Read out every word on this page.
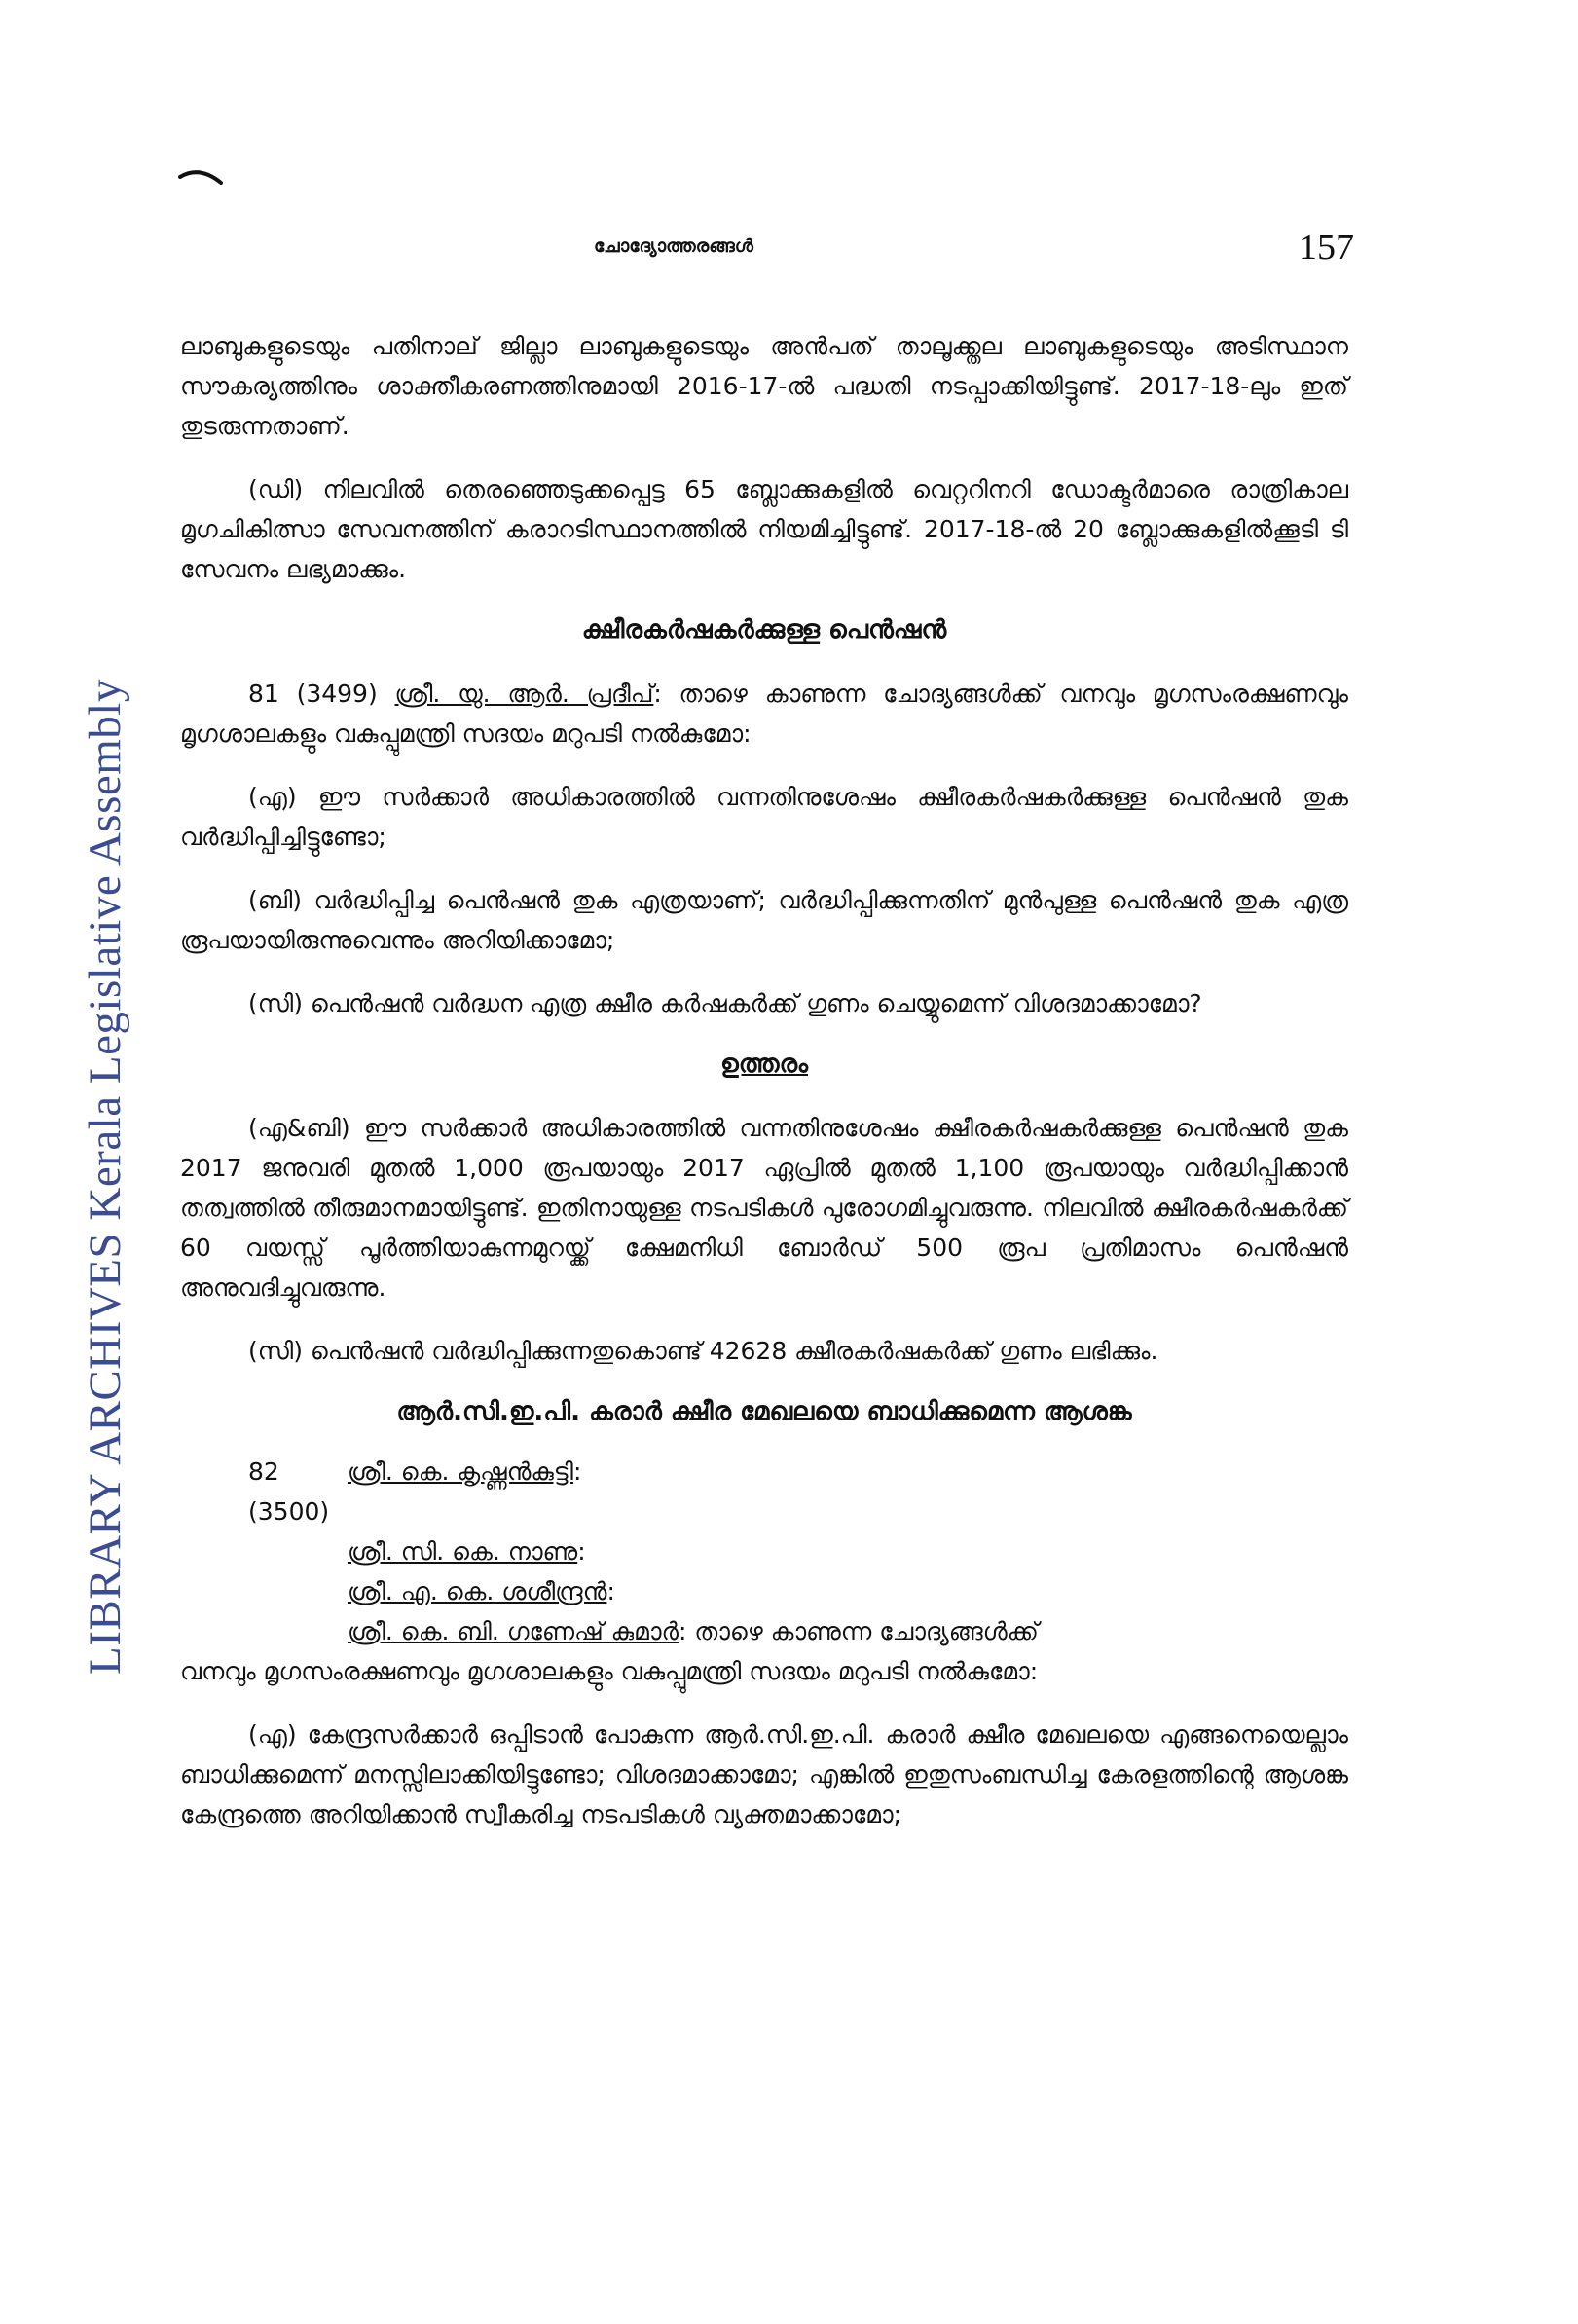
LIBRARY ARCHIVES Kerala Legislative Assembly
ചോദ്യോത്തരങ്ങൾ	157

ലാബുകളുടെയും പതിനാല് ജില്ലാ ലാബുകളുടെയും അൻപത് താലൂക്ക്തല ലാബുകളുടെയും അടിസ്ഥാന സൗകര്യത്തിനും ശാക്തീകരണത്തിനുമായി 2016-17-ൽ പദ്ധതി നടപ്പാക്കിയിട്ടുണ്ട്. 2017-18-ലും ഇത് തുടരുന്നതാണ്.

(ഡി) നിലവിൽ തെരഞ്ഞെടുക്കപ്പെട്ട 65 ബ്ലോക്കുകളിൽ വെറ്ററിനറി ഡോക്ടർമാരെ രാത്രികാല മൃഗചികിത്സാ സേവനത്തിന് കരാറടിസ്ഥാനത്തിൽ നിയമിച്ചിട്ടുണ്ട്. 2017-18-ൽ 20 ബ്ലോക്കുകളിൽക്കൂടി ടി സേവനം ലഭ്യമാക്കും.

ക്ഷീരകർഷകർക്കുള്ള പെൻഷൻ

81 (3499) ശ്രീ. യു. ആർ. പ്രദീപ്: താഴെ കാണുന്ന ചോദ്യങ്ങൾക്ക് വനവും മൃഗസംരക്ഷണവും മൃഗശാലകളും വകുപ്പുമന്ത്രി സദയം മറുപടി നൽകുമോ:

(എ) ഈ സർക്കാർ അധികാരത്തിൽ വന്നതിനുശേഷം ക്ഷീരകർഷകർക്കുള്ള പെൻഷൻ തുക വർദ്ധിപ്പിച്ചിട്ടുണ്ടോ;

(ബി) വർദ്ധിപ്പിച്ച പെൻഷൻ തുക എത്രയാണ്; വർദ്ധിപ്പിക്കുന്നതിന് മുൻപുള്ള പെൻഷൻ തുക എത്ര രൂപയായിരുന്നുവെന്നും അറിയിക്കാമോ;

(സി) പെൻഷൻ വർദ്ധന എത്ര ക്ഷീര കർഷകർക്ക് ഗുണം ചെയ്യുമെന്ന് വിശദമാക്കാമോ?

ഉത്തരം

(എ&ബി) ഈ സർക്കാർ അധികാരത്തിൽ വന്നതിനുശേഷം ക്ഷീരകർഷകർക്കുള്ള പെൻഷൻ തുക 2017 ജനുവരി മുതൽ 1,000 രൂപയായും 2017 ഏപ്രിൽ മുതൽ 1,100 രൂപയായും വർദ്ധിപ്പിക്കാൻ തത്വത്തിൽ തീരുമാനമായിട്ടുണ്ട്. ഇതിനായുള്ള നടപടികൾ പുരോഗമിച്ചുവരുന്നു. നിലവിൽ ക്ഷീരകർഷകർക്ക് 60 വയസ്സ് പൂർത്തിയാകുന്നമുറയ്ക്ക് ക്ഷേമനിധി ബോർഡ് 500 രൂപ പ്രതിമാസം പെൻഷൻ അനുവദിച്ചുവരുന്നു.

(സി) പെൻഷൻ വർദ്ധിപ്പിക്കുന്നതുകൊണ്ട് 42628 ക്ഷീരകർഷകർക്ക് ഗുണം ലഭിക്കും.

ആർ.സി.ഇ.പി. കരാർ ക്ഷീര മേഖലയെ ബാധിക്കുമെന്ന ആശങ്ക
82 (3500)
ശ്രീ. കെ. കൃഷ്ണൻകുട്ടി:
ശ്രീ. സി. കെ. നാണു:
ശ്രീ. എ. കെ. ശശീന്ദ്രൻ:
ശ്രീ. കെ. ബി. ഗണേഷ് കുമാർ: താഴെ കാണുന്ന ചോദ്യങ്ങൾക്ക്

വനവും മൃഗസംരക്ഷണവും മൃഗശാലകളും വകുപ്പുമന്ത്രി സദയം മറുപടി നൽകുമോ:

(എ) കേന്ദ്രസർക്കാർ ഒപ്പിടാൻ പോകുന്ന ആർ.സി.ഇ.പി. കരാർ ക്ഷീര മേഖലയെ എങ്ങനെയെല്ലാം ബാധിക്കുമെന്ന് മനസ്സിലാക്കിയിട്ടുണ്ടോ; വിശദമാക്കാമോ; എങ്കിൽ ഇതുസംബന്ധിച്ച കേരളത്തിന്റെ ആശങ്ക കേന്ദ്രത്തെ അറിയിക്കാൻ സ്വീകരിച്ച നടപടികൾ വ്യക്തമാക്കാമോ;
